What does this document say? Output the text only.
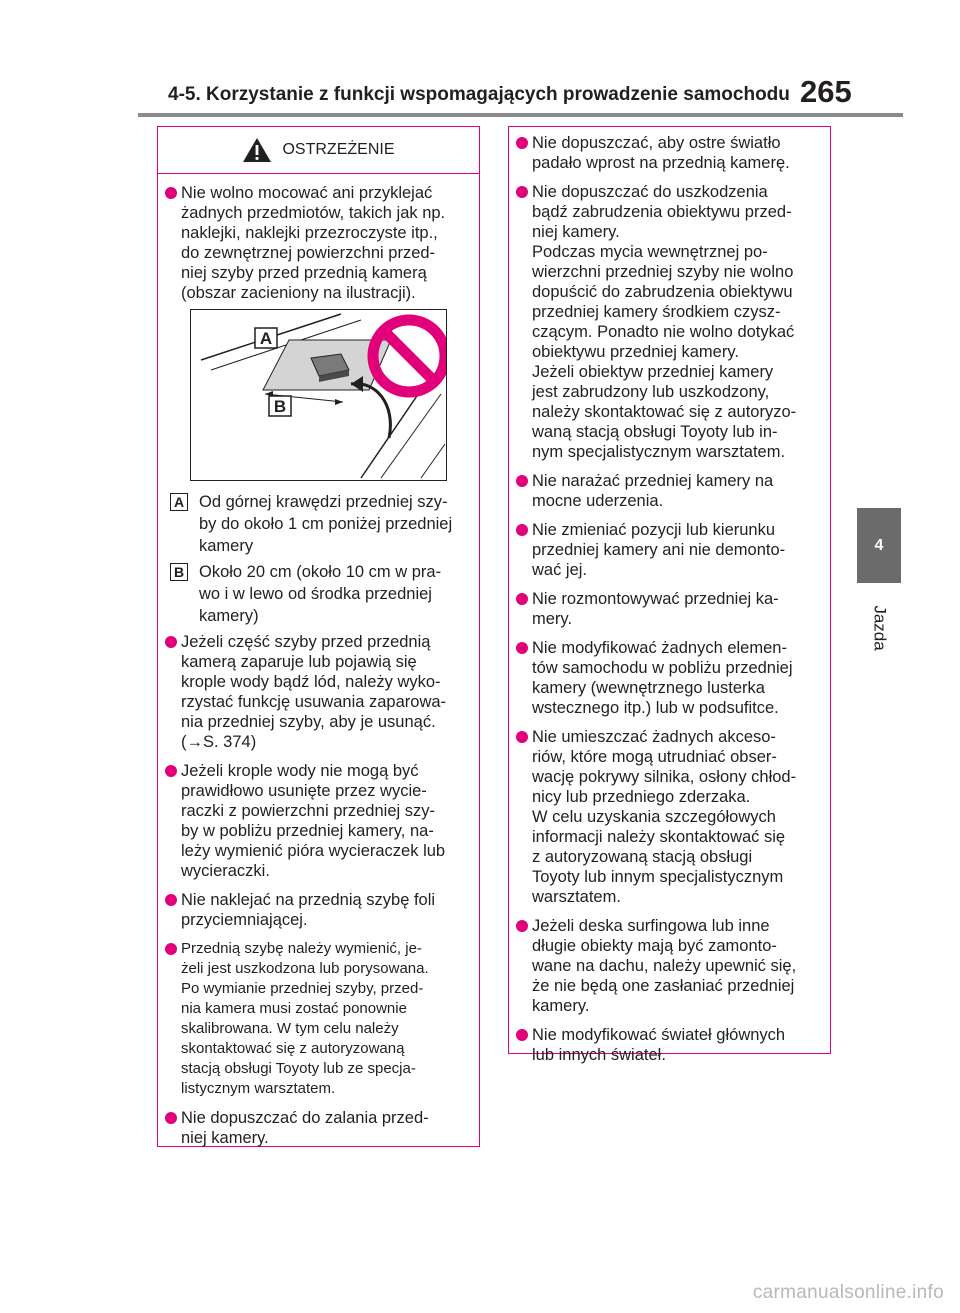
4-5. Korzystanie z funkcji wspomagających prowadzenie samochodu 265
4
Jazda
OSTRZEŻENIE
Nie wolno mocować ani przyklejać
żadnych przedmiotów, takich jak np.
naklejki, naklejki przezroczyste itp.,
do zewnętrznej powierzchni przed-
niej szyby przed przednią kamerą
(obszar zacieniony na ilustracji).
A
B
A Od górnej krawędzi przedniej szy-
by do około 1 cm poniżej przedniej
kamery
B Około 20 cm (około 10 cm w pra-
wo i w lewo od środka przedniej
kamery)
Jeżeli część szyby przed przednią
kamerą zaparuje lub pojawią się
krople wody bądź lód, należy wyko-
rzystać funkcję usuwania zaparowa-
nia przedniej szyby, aby je usunąć.
(→S. 374)
Jeżeli krople wody nie mogą być
prawidłowo usunięte przez wycie-
raczki z powierzchni przedniej szy-
by w pobliżu przedniej kamery, na-
leży wymienić pióra wycieraczek lub
wycieraczki.
Nie naklejać na przednią szybę foli
przyciemniającej.
Przednią szybę należy wymienić, je-
żeli jest uszkodzona lub porysowana.
Po wymianie przedniej szyby, przed-
nia kamera musi zostać ponownie
skalibrowana. W tym celu należy
skontaktować się z autoryzowaną
stacją obsługi Toyoty lub ze specja-
listycznym warsztatem.
Nie dopuszczać do zalania przed-
niej kamery.
Nie dopuszczać, aby ostre światło
padało wprost na przednią kamerę.
Nie dopuszczać do uszkodzenia
bądź zabrudzenia obiektywu przed-
niej kamery.
Podczas mycia wewnętrznej po-
wierzchni przedniej szyby nie wolno
dopuścić do zabrudzenia obiektywu
przedniej kamery środkiem czysz-
czącym. Ponadto nie wolno dotykać
obiektywu przedniej kamery.
Jeżeli obiektyw przedniej kamery
jest zabrudzony lub uszkodzony,
należy skontaktować się z autoryzo-
waną stacją obsługi Toyoty lub in-
nym specjalistycznym warsztatem.
Nie narażać przedniej kamery na
mocne uderzenia.
Nie zmieniać pozycji lub kierunku
przedniej kamery ani nie demonto-
wać jej.
Nie rozmontowywać przedniej ka-
mery.
Nie modyfikować żadnych elemen-
tów samochodu w pobliżu przedniej
kamery (wewnętrznego lusterka
wstecznego itp.) lub w podsufitce.
Nie umieszczać żadnych akceso-
riów, które mogą utrudniać obser-
wację pokrywy silnika, osłony chłod-
nicy lub przedniego zderzaka.
W celu uzyskania szczegółowych
informacji należy skontaktować się
z autoryzowaną stacją obsługi
Toyoty lub innym specjalistycznym
warsztatem.
Jeżeli deska surfingowa lub inne
długie obiekty mają być zamonto-
wane na dachu, należy upewnić się,
że nie będą one zasłaniać przedniej
kamery.
Nie modyfikować świateł głównych
lub innych świateł.
carmanualsonline.info
